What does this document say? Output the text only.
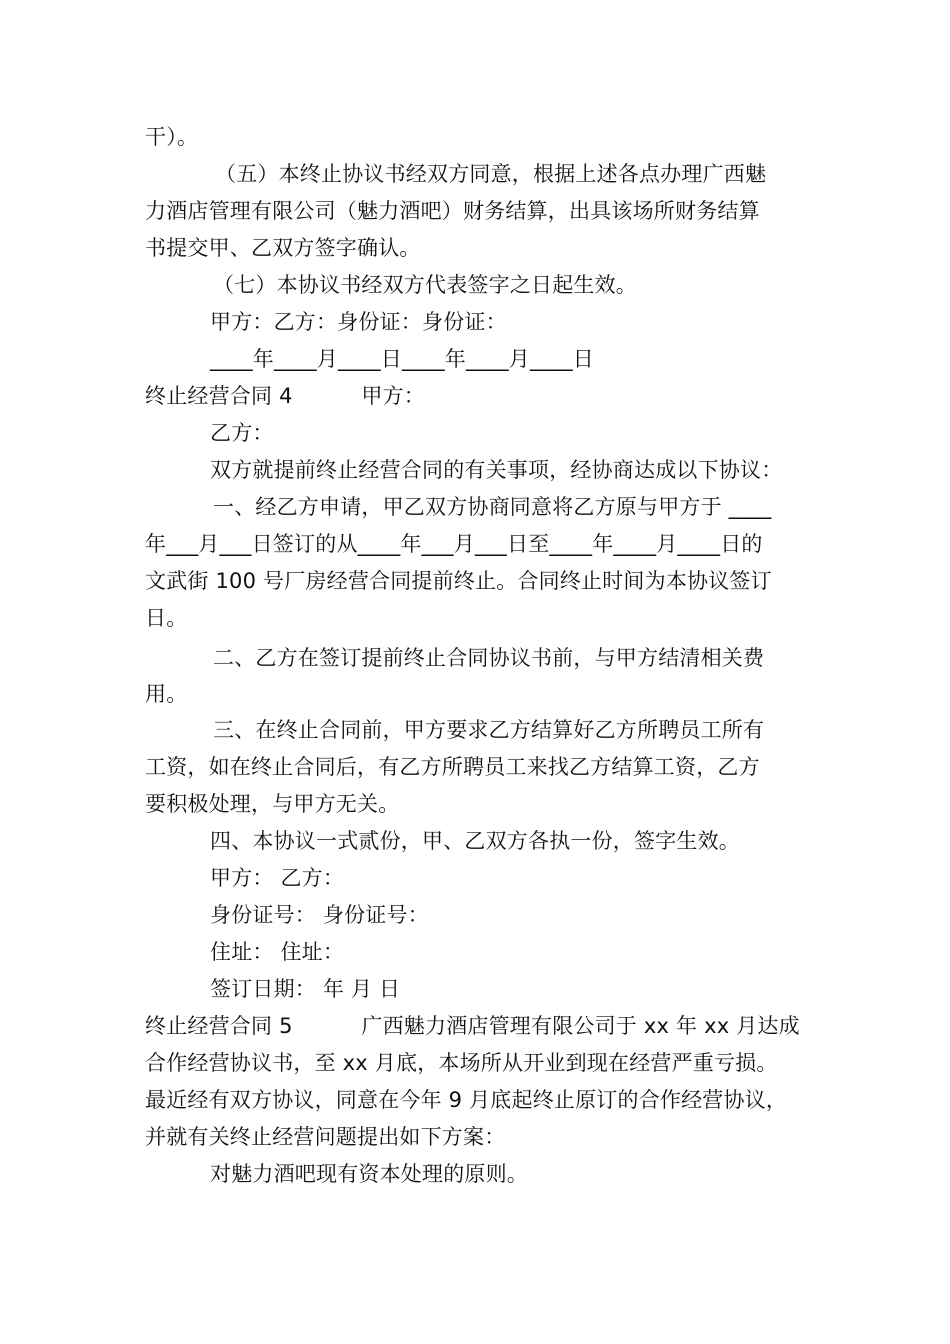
干）。
（五）本终止协议书经双方同意，根据上述各点办理广西魅
力酒店管理有限公司（魅力酒吧）财务结算，出具该场所财务结算
书提交甲、乙双方签字确认。
（七）本协议书经双方代表签字之日起生效。
甲方：乙方：身份证：身份证：
____年____月____日____年____月____日
终止经营合同 4          甲方：
乙方：
双方就提前终止经营合同的有关事项，经协商达成以下协议：
一、经乙方申请，甲乙双方协商同意将乙方原与甲方于 ____
年___月___日签订的从____年___月___日至____年____月____日的
文武街 100 号厂房经营合同提前终止。合同终止时间为本协议签订
日。
二、乙方在签订提前终止合同协议书前，与甲方结清相关费
用。
三、在终止合同前，甲方要求乙方结算好乙方所聘员工所有
工资，如在终止合同后，有乙方所聘员工来找乙方结算工资，乙方
要积极处理，与甲方无关。
四、本协议一式贰份，甲、乙双方各执一份，签字生效。
甲方： 乙方：
身份证号： 身份证号：
住址： 住址：
签订日期： 年 月 日
终止经营合同 5          广西魅力酒店管理有限公司于 xx 年 xx 月达成
合作经营协议书，至 xx 月底，本场所从开业到现在经营严重亏损。
最近经有双方协议，同意在今年 9 月底起终止原订的合作经营协议，
并就有关终止经营问题提出如下方案：
对魅力酒吧现有资本处理的原则。
